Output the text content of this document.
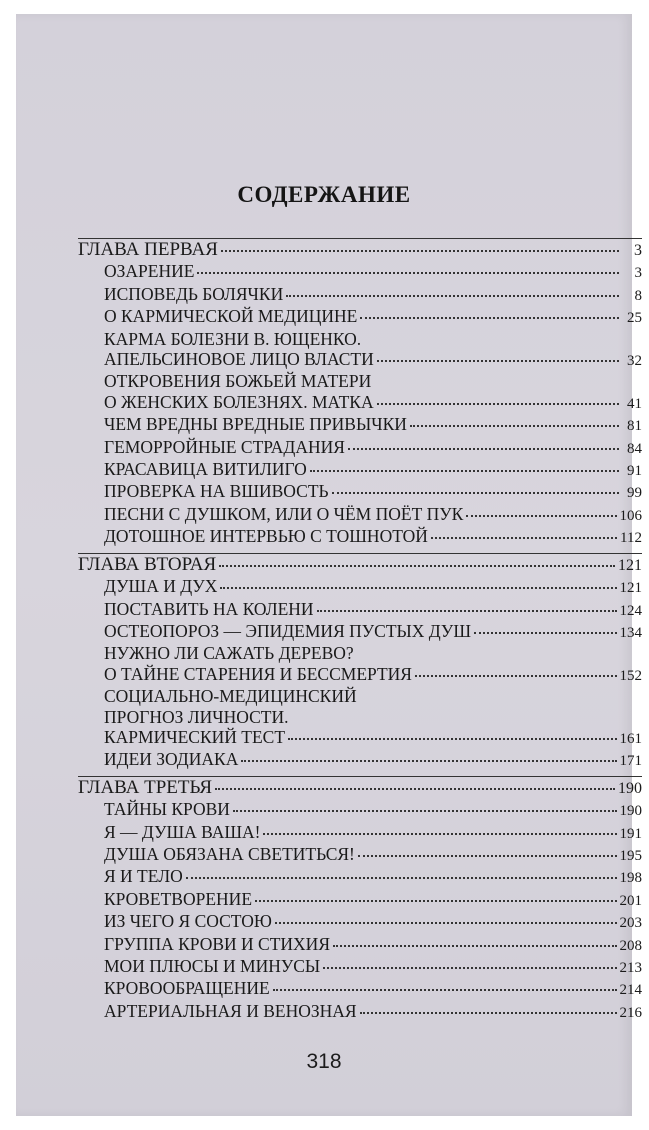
СОДЕРЖАНИЕ
ГЛАВА ПЕРВАЯ	3
ОЗАРЕНИЕ	3
ИСПОВЕДЬ БОЛЯЧКИ	8
О КАРМИЧЕСКОЙ МЕДИЦИНЕ	25
КАРМА БОЛЕЗНИ В. ЮЩЕНКО.
АПЕЛЬСИНОВОЕ ЛИЦО ВЛАСТИ	32
ОТКРОВЕНИЯ БОЖЬЕЙ МАТЕРИ
О ЖЕНСКИХ БОЛЕЗНЯХ. МАТКА	41
ЧЕМ ВРЕДНЫ ВРЕДНЫЕ ПРИВЫЧКИ	81
ГЕМОРРОЙНЫЕ СТРАДАНИЯ	84
КРАСАВИЦА ВИТИЛИГО	91
ПРОВЕРКА НА ВШИВОСТЬ	99
ПЕСНИ С ДУШКОМ, ИЛИ О ЧЁМ ПОЁТ ПУК	106
ДОТОШНОЕ ИНТЕРВЬЮ С ТОШНОТОЙ	112
ГЛАВА ВТОРАЯ	121
ДУША И ДУХ	121
ПОСТАВИТЬ НА КОЛЕНИ	124
ОСТЕОПОРОЗ — ЭПИДЕМИЯ ПУСТЫХ ДУШ	134
НУЖНО ЛИ САЖАТЬ ДЕРЕВО?
О ТАЙНЕ СТАРЕНИЯ И БЕССМЕРТИЯ	152
СОЦИАЛЬНО-МЕДИЦИНСКИЙ
ПРОГНОЗ ЛИЧНОСТИ.
КАРМИЧЕСКИЙ ТЕСТ	161
ИДЕИ ЗОДИАКА	171
ГЛАВА ТРЕТЬЯ	190
ТАЙНЫ КРОВИ	190
Я — ДУША ВАША!	191
ДУША ОБЯЗАНА СВЕТИТЬСЯ!	195
Я И ТЕЛО	198
КРОВЕТВОРЕНИЕ	201
ИЗ ЧЕГО Я СОСТОЮ	203
ГРУППА КРОВИ И СТИХИЯ	208
МОИ ПЛЮСЫ И МИНУСЫ	213
КРОВООБРАЩЕНИЕ	214
АРТЕРИАЛЬНАЯ И ВЕНОЗНАЯ	216
318
